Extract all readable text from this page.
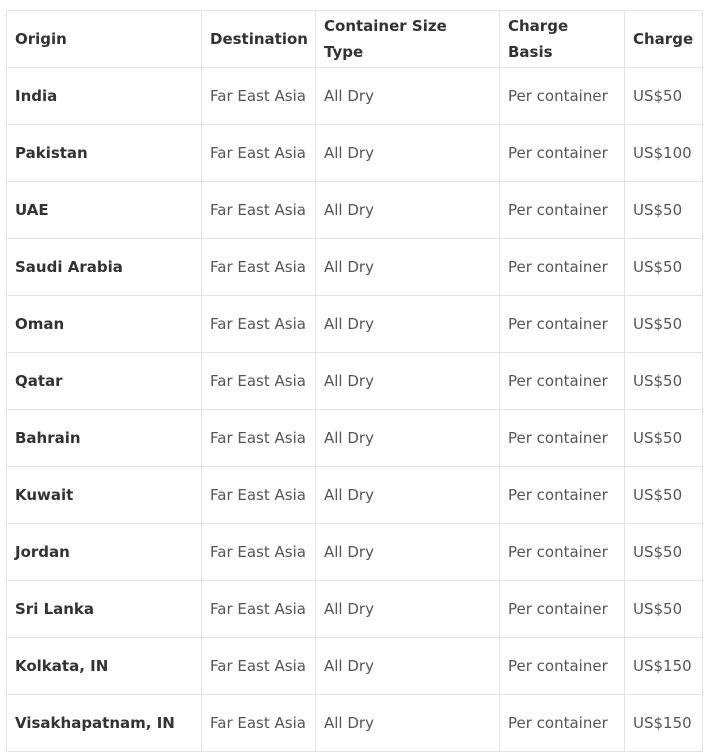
Origin	Destination	Container Size Type	Charge Basis	Charge
India	Far East Asia	All Dry	Per container	US$50
Pakistan	Far East Asia	All Dry	Per container	US$100
UAE	Far East Asia	All Dry	Per container	US$50
Saudi Arabia	Far East Asia	All Dry	Per container	US$50
Oman	Far East Asia	All Dry	Per container	US$50
Qatar	Far East Asia	All Dry	Per container	US$50
Bahrain	Far East Asia	All Dry	Per container	US$50
Kuwait	Far East Asia	All Dry	Per container	US$50
Jordan	Far East Asia	All Dry	Per container	US$50
Sri Lanka	Far East Asia	All Dry	Per container	US$50
Kolkata, IN	Far East Asia	All Dry	Per container	US$150
Visakhapatnam, IN	Far East Asia	All Dry	Per container	US$150
